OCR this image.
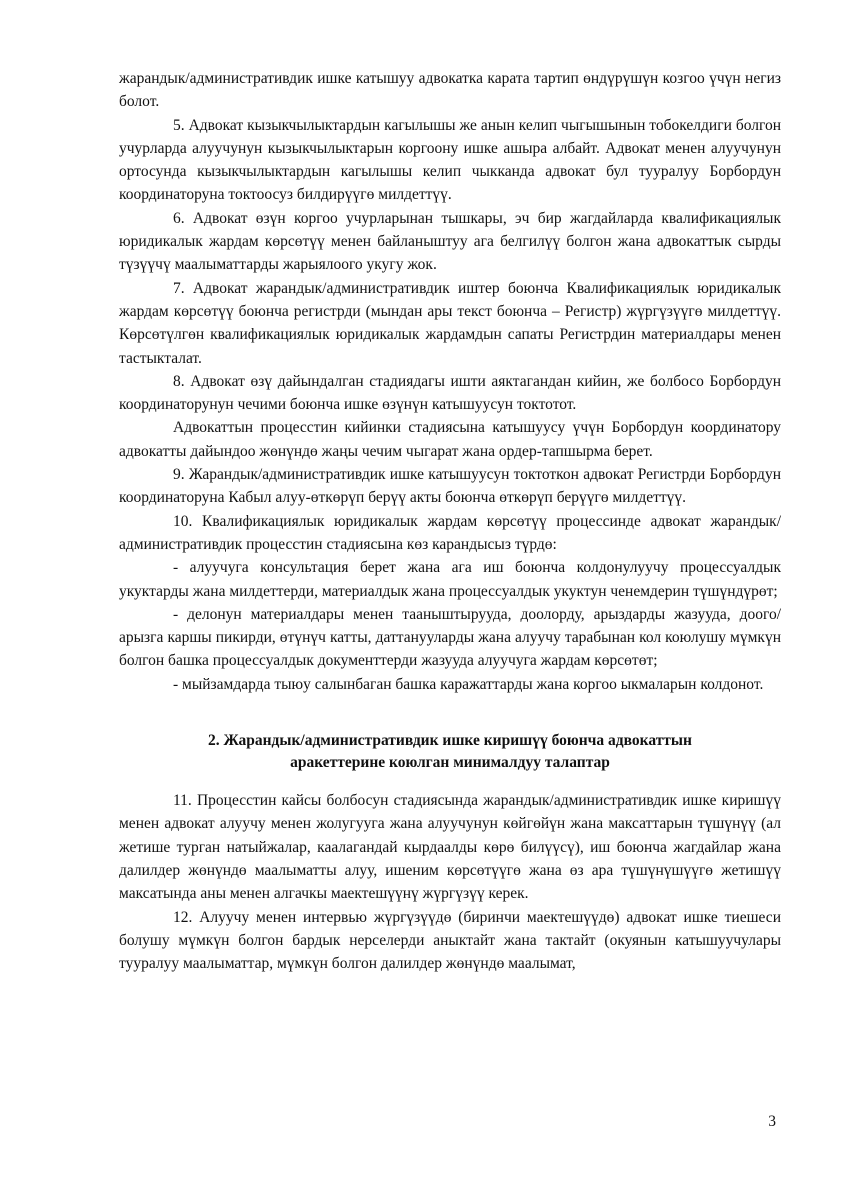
жарандык/административдик ишке катышуу адвокатка карата тартип өндүрүшүн козгоо үчүн негиз болот.

5. Адвокат кызыкчылыктардын кагылышы же анын келип чыгышынын тобокелдиги болгон учурларда алуучунун кызыкчылыктарын коргоону ишке ашыра албайт. Адвокат менен алуучунун ортосунда кызыкчылыктардын кагылышы келип чыкканда адвокат бул тууралуу Борбордун координаторуна токтоосуз билдирүүгө милдеттүү.

6. Адвокат өзүн коргоо учурларынан тышкары, эч бир жагдайларда квалификациялык юридикалык жардам көрсөтүү менен байланыштуу ага белгилүү болгон жана адвокаттык сырды түзүүчү маалыматтарды жарыялоого укугу жок.

7. Адвокат жарандык/административдик иштер боюнча Квалификациялык юридикалык жардам көрсөтүү боюнча регистрди (мындан ары текст боюнча – Регистр) жүргүзүүгө милдеттүү. Көрсөтүлгөн квалификациялык юридикалык жардамдын сапаты Регистрдин материалдары менен тастыкталат.

8. Адвокат өзү дайындалган стадиядагы ишти аяктагандан кийин, же болбосо Борбордун координаторунун чечими боюнча ишке өзүнүн катышуусун токтотот.

Адвокаттын процесстин кийинки стадиясына катышуусу үчүн Борбордун координатору адвокатты дайындоо жөнүндө жаңы чечим чыгарат жана ордер-тапшырма берет.

9. Жарандык/административдик ишке катышуусун токтоткон адвокат Регистрди Борбордун координаторуна Кабыл алуу-өткөрүп берүү акты боюнча өткөрүп берүүгө милдеттүү.

10. Квалификациялык юридикалык жардам көрсөтүү процессинде адвокат жарандык/административдик процесстин стадиясына көз карандысыз түрдө:

- алуучуга консультация берет жана ага иш боюнча колдонулуучу процессуалдык укуктарды жана милдеттерди, материалдык жана процессуалдык укуктун ченемдерин түшүндүрөт;

- делонун материалдары менен тааныштырууда, доолорду, арыздарды жазууда, доого/арызга каршы пикирди, өтүнүч катты, даттанууларды жана алуучу тарабынан кол коюлушу мүмкүн болгон башка процессуалдык документтерди жазууда алуучуга жардам көрсөтөт;

- мыйзамдарда тыюу салынбаган башка каражаттарды жана коргоо ыкмаларын колдонот.

2. Жарандык/административдик ишке киришүү боюнча адвокаттын
аракеттерине коюлган минималдуу талаптар

11. Процесстин кайсы болбосун стадиясында жарандык/административдик ишке киришүү менен адвокат алуучу менен жолугууга жана алуучунун көйгөйүн жана максаттарын түшүнүү (ал жетише турган натыйжалар, каалагандай кырдаалды көрө билүүсү), иш боюнча жагдайлар жана далилдер жөнүндө маалыматты алуу, ишеним көрсөтүүгө жана өз ара түшүнүшүүгө жетишүү максатында аны менен алгачкы маектешүүнү жүргүзүү керек.

12. Алуучу менен интервью жүргүзүүдө (биринчи маектешүүдө) адвокат ишке тиешеси болушу мүмкүн болгон бардык нерселерди аныктайт жана тактайт (окуянын катышуучулары тууралуу маалыматтар, мүмкүн болгон далилдер жөнүндө маалымат,

3
